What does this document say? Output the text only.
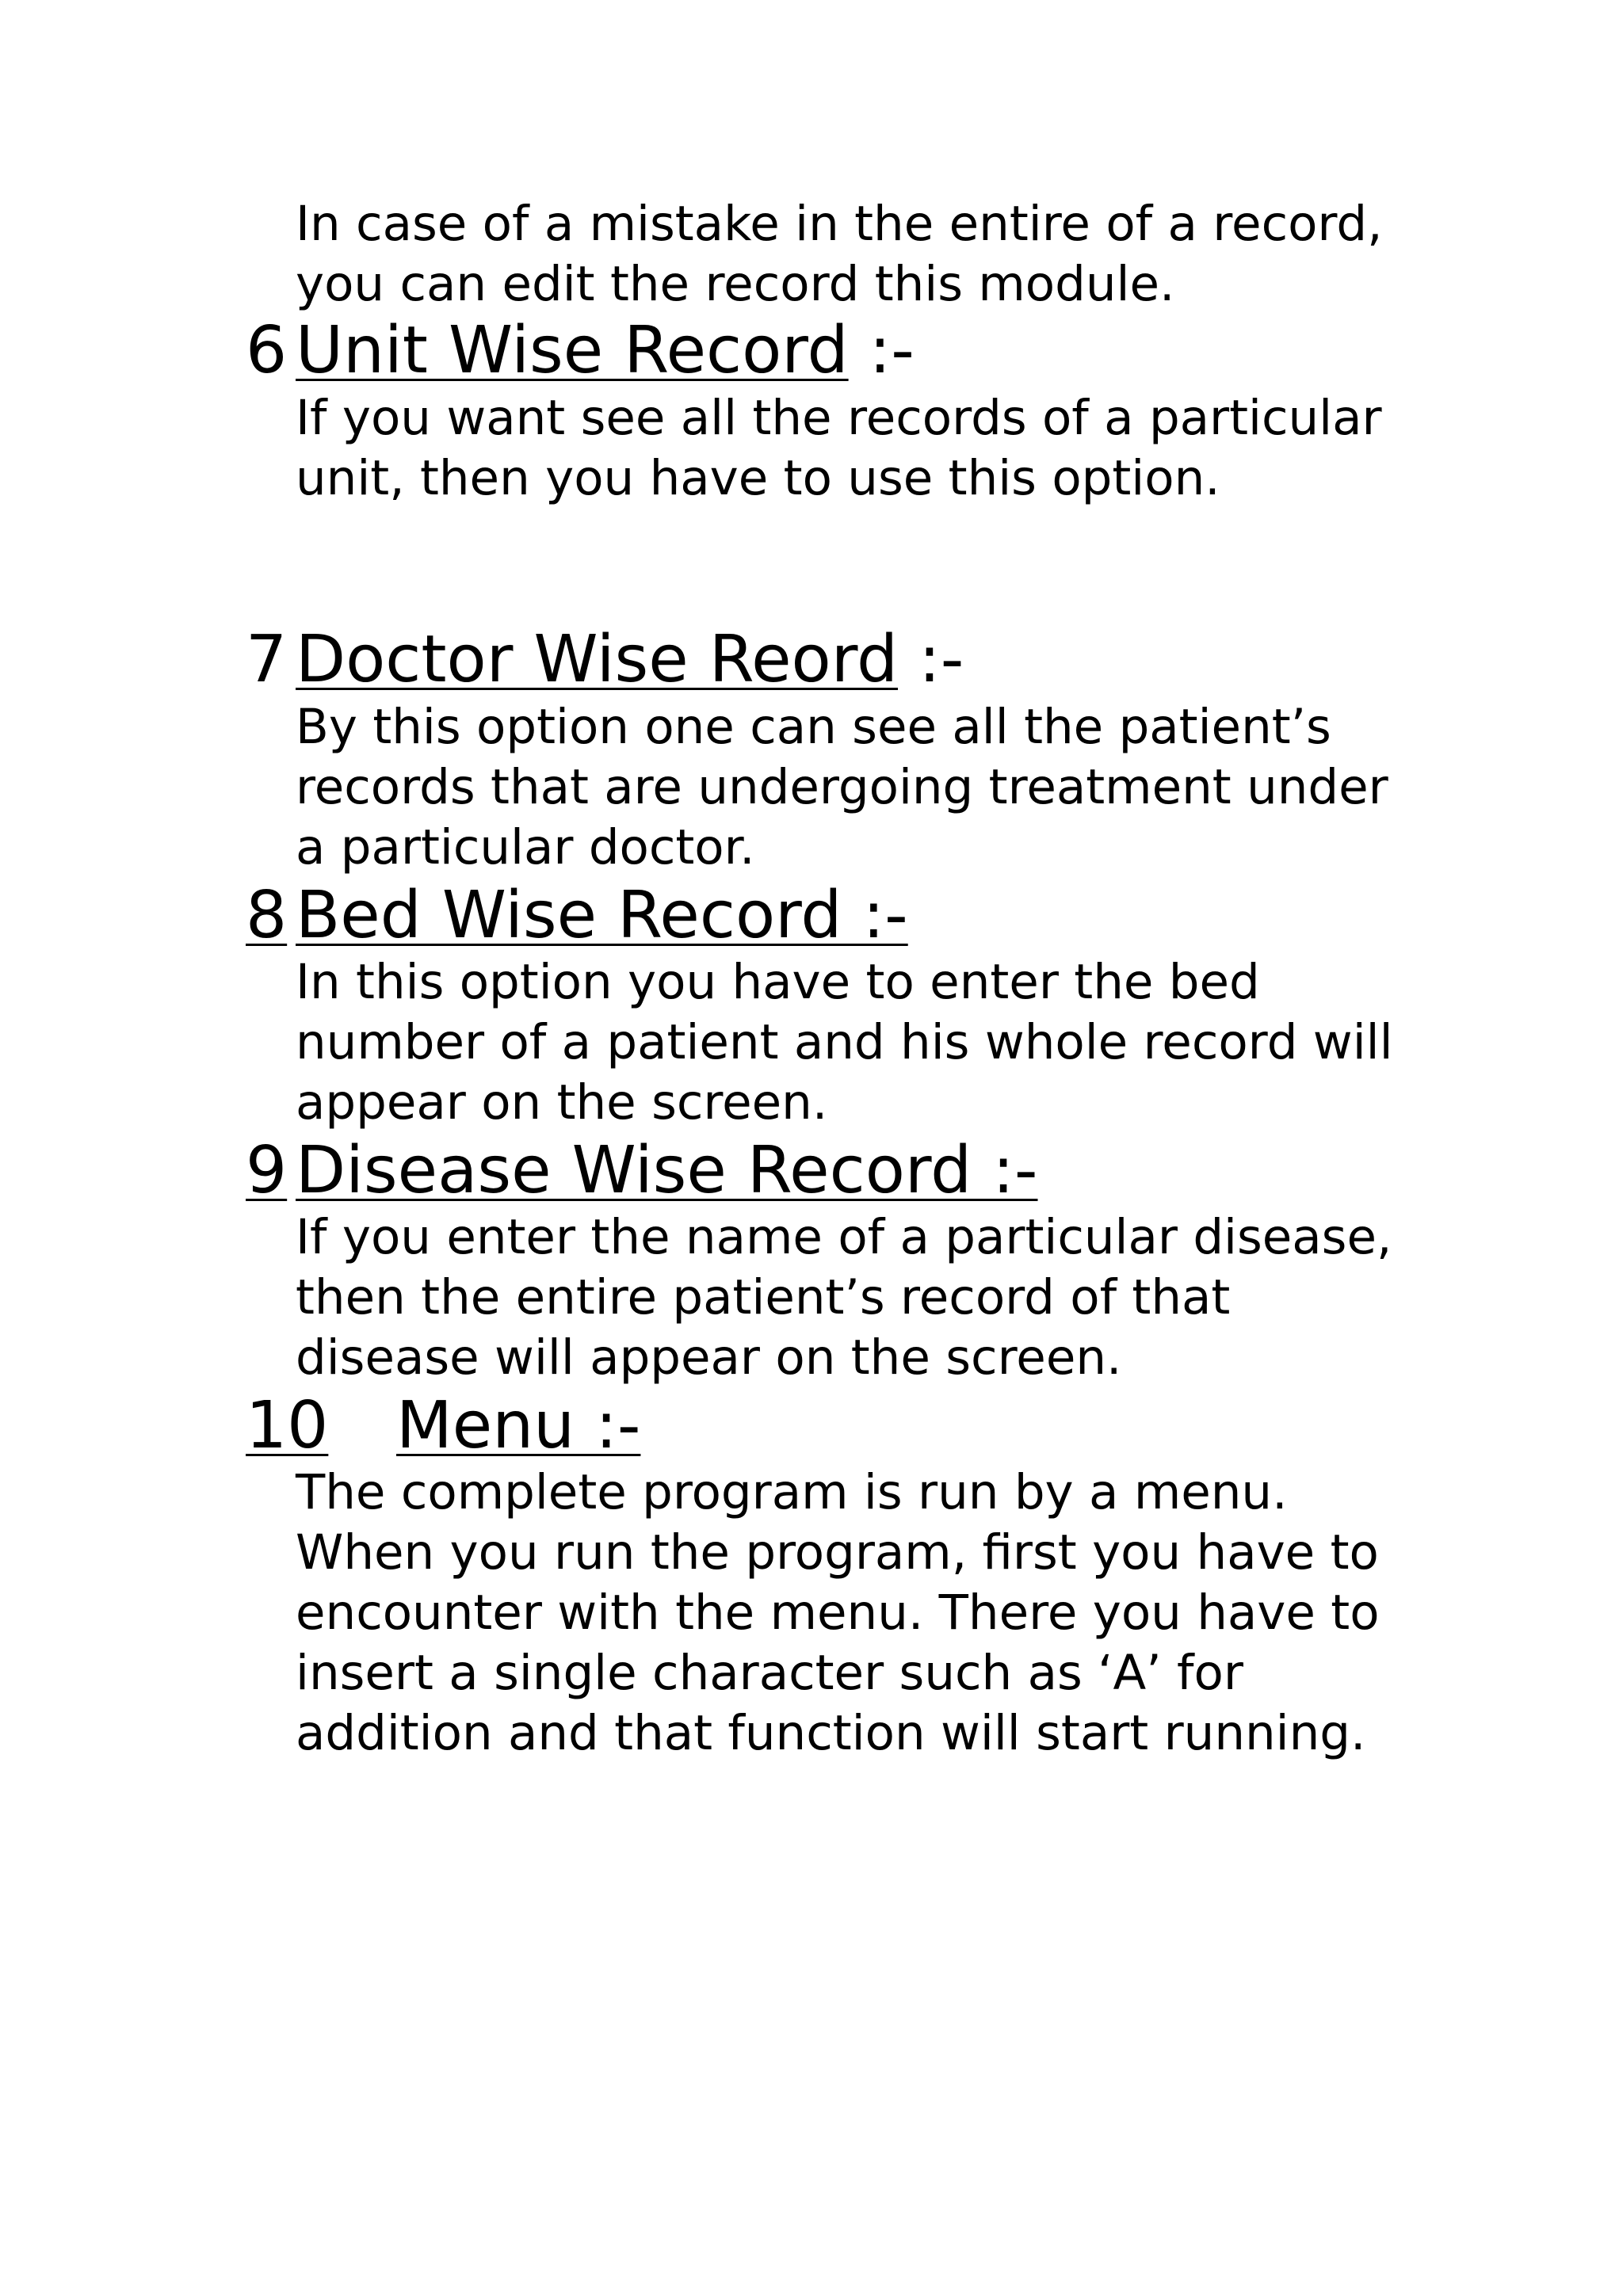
In case of a mistake in the entire of a record,
you can edit the record this module.

6 Unit Wise Record :-

If you want see all the records of a particular
unit, then you have to use this option.

7 Doctor Wise Reord :-

By this option one can see all the patient’s
records that are undergoing treatment under
a particular doctor.

8 Bed Wise Record :-

In this option you have to enter the bed
number of a patient and his whole record will
appear on the screen.

9 Disease Wise Record :-

If you enter the name of a particular disease,
then the entire patient’s record of that
disease will appear on the screen.

10 Menu :-

The complete program is run by a menu.
When you run the program, first you have to
encounter with the menu. There you have to
insert a single character such as ‘A’ for
addition and that function will start running.
